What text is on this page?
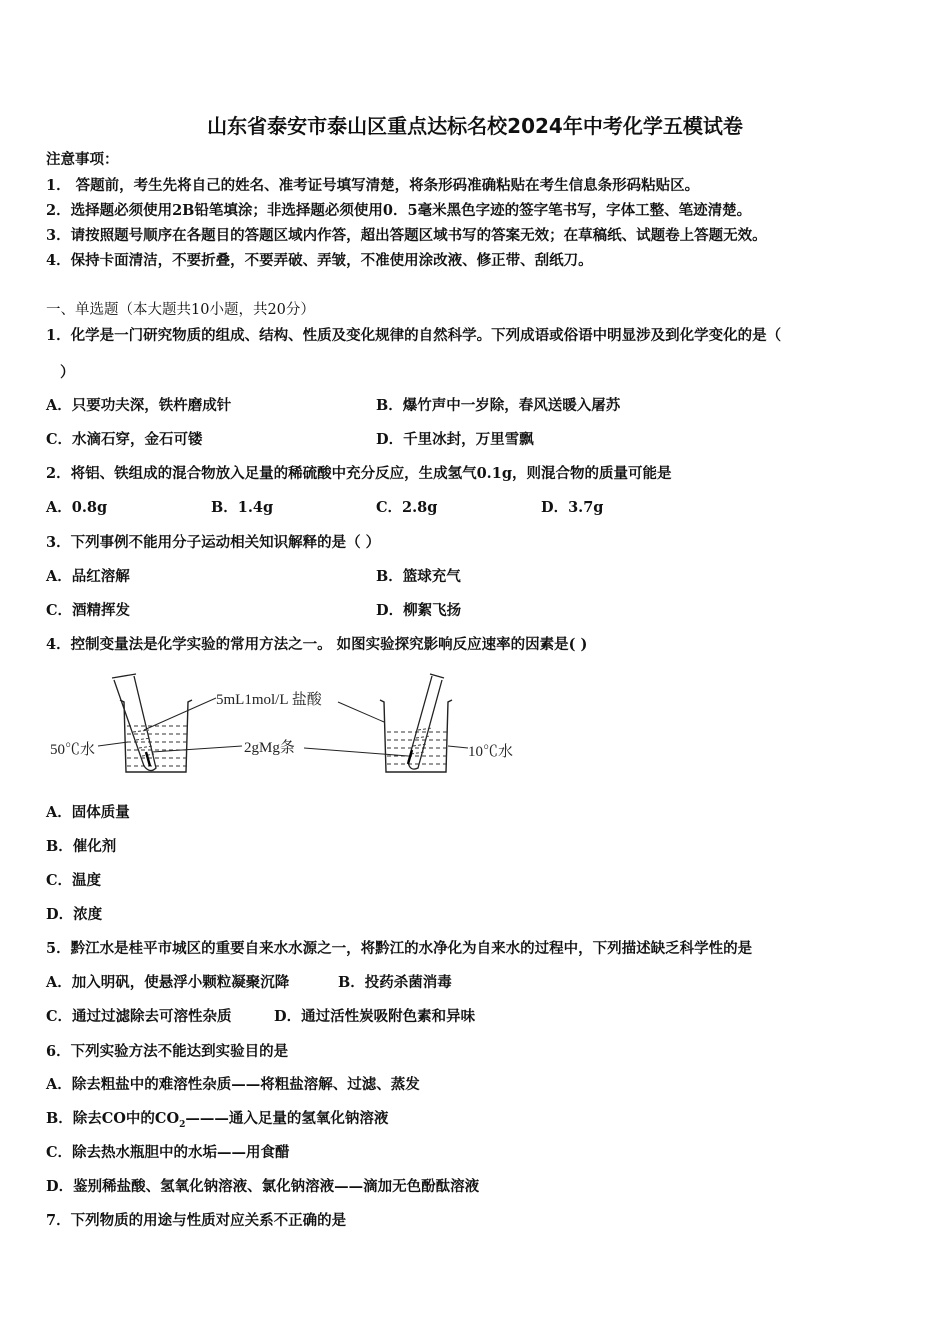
山东省泰安市泰山区重点达标名校2024年中考化学五模试卷
注意事项：
1． 答题前，考生先将自己的姓名、准考证号填写清楚，将条形码准确粘贴在考生信息条形码粘贴区。
2．选择题必须使用2B铅笔填涂；非选择题必须使用0．5毫米黑色字迹的签字笔书写，字体工整、笔迹清楚。
3．请按照题号顺序在各题目的答题区域内作答，超出答题区域书写的答案无效；在草稿纸、试题卷上答题无效。
4．保持卡面清洁，不要折叠，不要弄破、弄皱，不准使用涂改液、修正带、刮纸刀。
一、单选题（本大题共10小题，共20分）
1．化学是一门研究物质的组成、结构、性质及变化规律的自然科学。下列成语或俗语中明显涉及到化学变化的是（
）
A．只要功夫深，铁杵磨成针	B．爆竹声中一岁除，春风送暖入屠苏
C．水滴石穿，金石可镂	D．千里冰封，万里雪飘
2．将铝、铁组成的混合物放入足量的稀硫酸中充分反应，生成氢气0.1g，则混合物的质量可能是
A．0.8g	B．1.4g	C．2.8g	D．3.7g
3．下列事例不能用分子运动相关知识解释的是（ ）
A．品红溶解	B．篮球充气
C．酒精挥发	D．柳絮飞扬
4．控制变量法是化学实验的常用方法之一。 如图实验探究影响反应速率的因素是( )
5mL1mol/L 盐酸
2gMg条
50℃水	10℃水
A．固体质量
B．催化剂
C．温度
D．浓度
5．黔江水是桂平市城区的重要自来水水源之一，将黔江的水净化为自来水的过程中，下列描述缺乏科学性的是
A．加入明矾，使悬浮小颗粒凝聚沉降	B．投药杀菌消毒
C．通过过滤除去可溶性杂质	D．通过活性炭吸附色素和异味
6．下列实验方法不能达到实验目的是
A．除去粗盐中的难溶性杂质——将粗盐溶解、过滤、蒸发
B．除去CO中的$CO_2———$通入足量的氢氧化钠溶液
C．除去热水瓶胆中的水垢——用食醋
D．鉴别稀盐酸、氢氧化钠溶液、氯化钠溶液——滴加无色酚酞溶液
7．下列物质的用途与性质对应关系不正确的是
